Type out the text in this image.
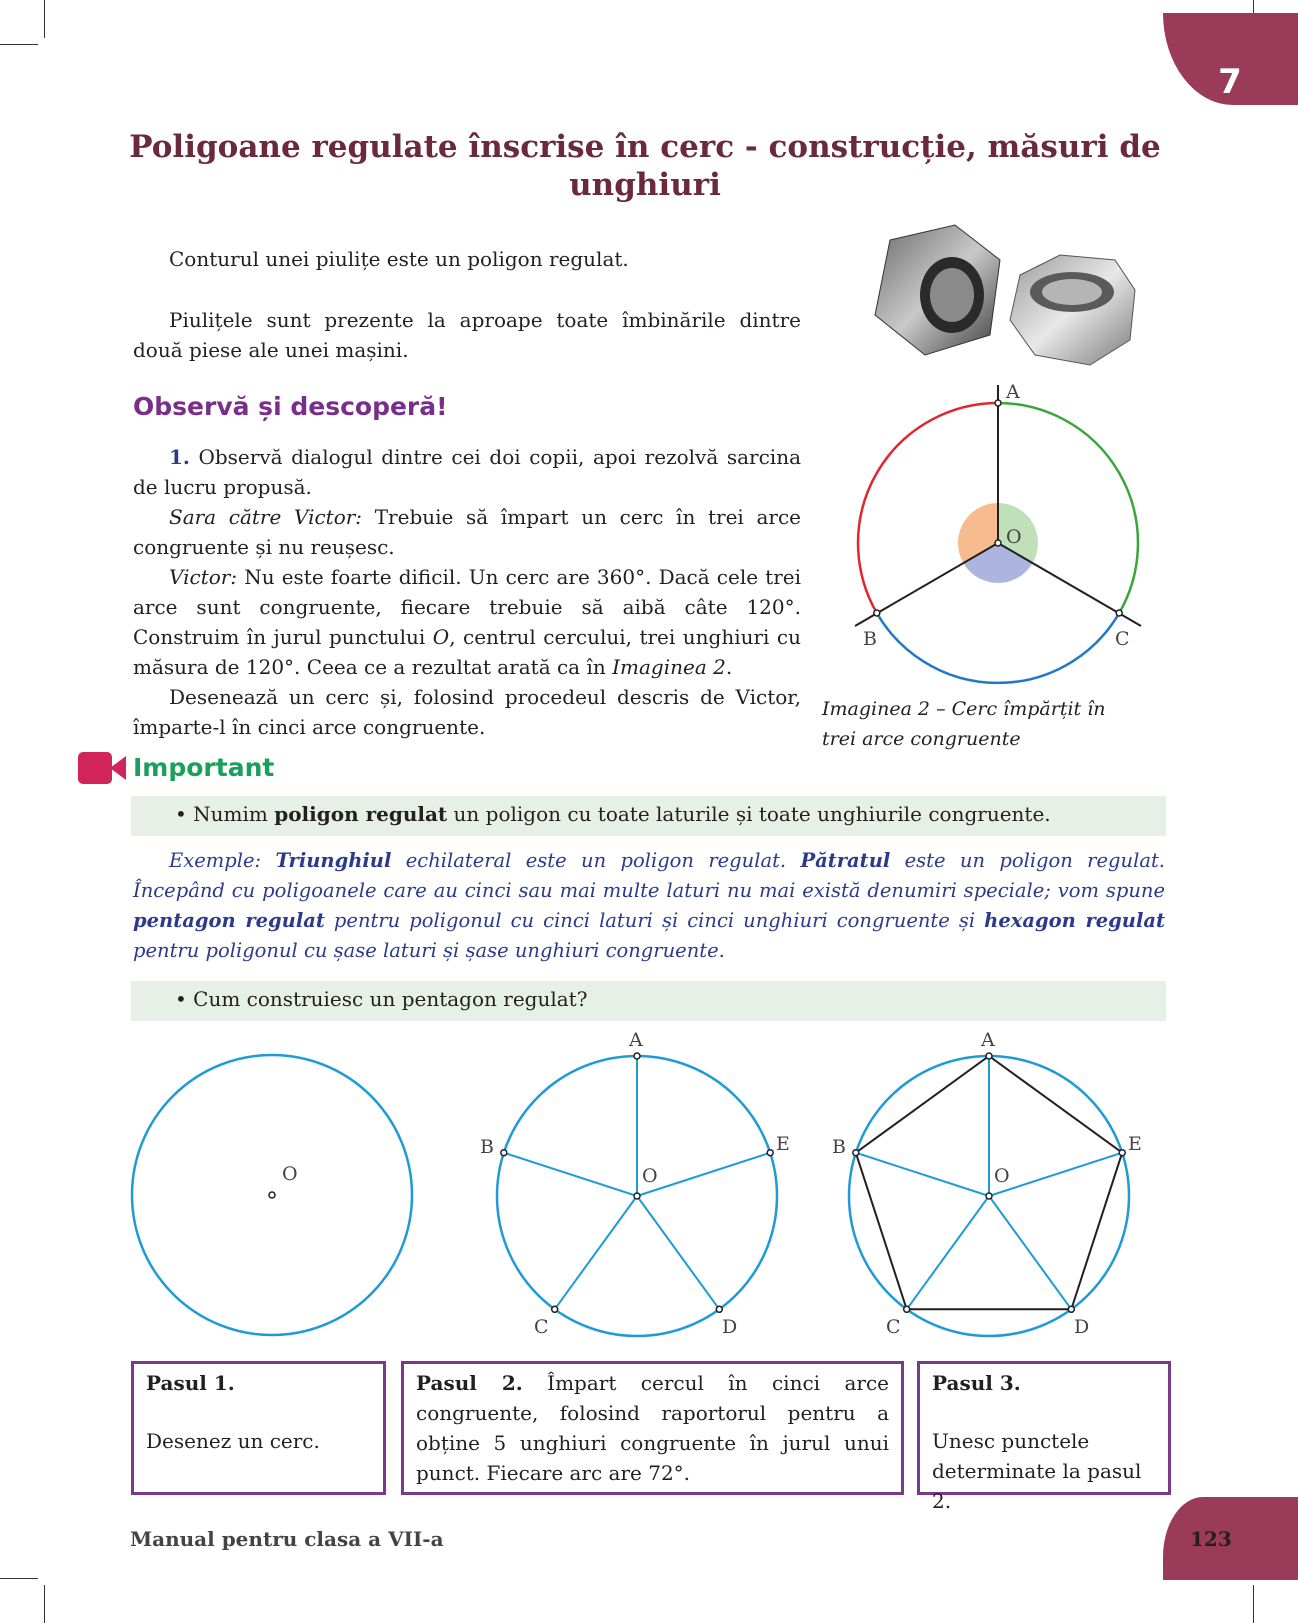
7
Poligoane regulate înscrise în cerc - construcție, măsuri de unghiuri

Conturul unei piulițe este un poligon regulat.

Piulițele sunt prezente la aproape toate îmbinările dintre două piese ale unei mașini.

Observă și descoperă!

1. Observă dialogul dintre cei doi copii, apoi rezolvă sarcina de lucru propusă.

Sara către Victor: Trebuie să împart un cerc în trei arce congruente și nu reușesc.

Victor: Nu este foarte dificil. Un cerc are 360°. Dacă cele trei arce sunt congruente, fiecare trebuie să aibă câte 120°. Construim în jurul punctului O, centrul cercului, trei unghiuri cu măsura de 120°. Ceea ce a rezultat arată ca în Imaginea 2.

Desenează un cerc și, folosind procedeul descris de Victor, împarte-l în cinci arce congruente.

A
O
B	C
Imaginea 2 – Cerc împărțit în
trei arce congruente
Important
• Numim poligon regulat un poligon cu toate laturile și toate unghiurile congruente.

Exemple: Triunghiul echilateral este un poligon regulat. Pătratul este un poligon regulat. Începând cu poligoanele care au cinci sau mai multe laturi nu mai există denumiri speciale; vom spune pentagon regulat pentru poligonul cu cinci laturi și cinci unghiuri congruente și hexagon regulat pentru poligonul cu șase laturi și șase unghiuri congruente.

• Cum construiesc un pentagon regulat?
O
A
B
C	D
E
O
A
B
C	D
E
O
Pasul 1.
Desenez un cerc.
Pasul 2. Împart cercul în cinci arce congruente, folosind raportorul pentru a obține 5 unghiuri congruente în jurul unui punct. Fiecare arc are 72°.
Pasul 3.
Unesc punctele determinate la pasul 2.
Manual pentru clasa a VII-a	123
